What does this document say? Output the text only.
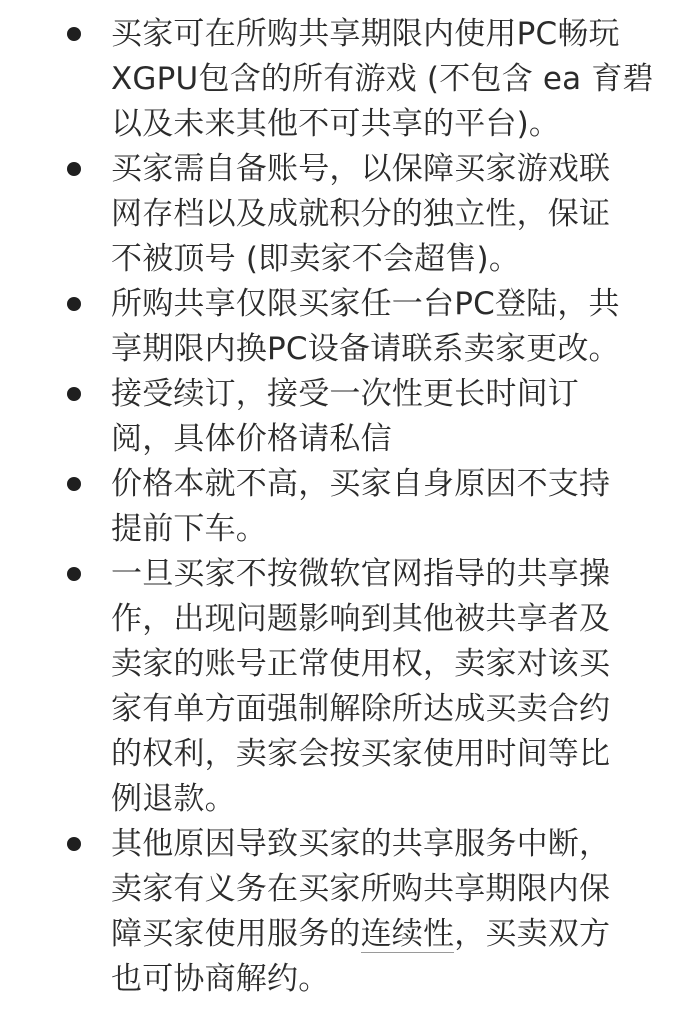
买家可在所购共享期限内使用PC畅玩
XGPU包含的所有游戏 (不包含 ea 育碧
以及未来其他不可共享的平台)。
买家需自备账号，以保障买家游戏联
网存档以及成就积分的独立性，保证
不被顶号 (即卖家不会超售)。
所购共享仅限买家任一台PC登陆，共
享期限内换PC设备请联系卖家更改。
接受续订，接受一次性更长时间订
阅，具体价格请私信
价格本就不高，买家自身原因不支持
提前下车。
一旦买家不按微软官网指导的共享操
作，出现问题影响到其他被共享者及
卖家的账号正常使用权，卖家对该买
家有单方面强制解除所达成买卖合约
的权利，卖家会按买家使用时间等比
例退款。
其他原因导致买家的共享服务中断，
卖家有义务在买家所购共享期限内保
障买家使用服务的连续性，买卖双方
也可协商解约。
